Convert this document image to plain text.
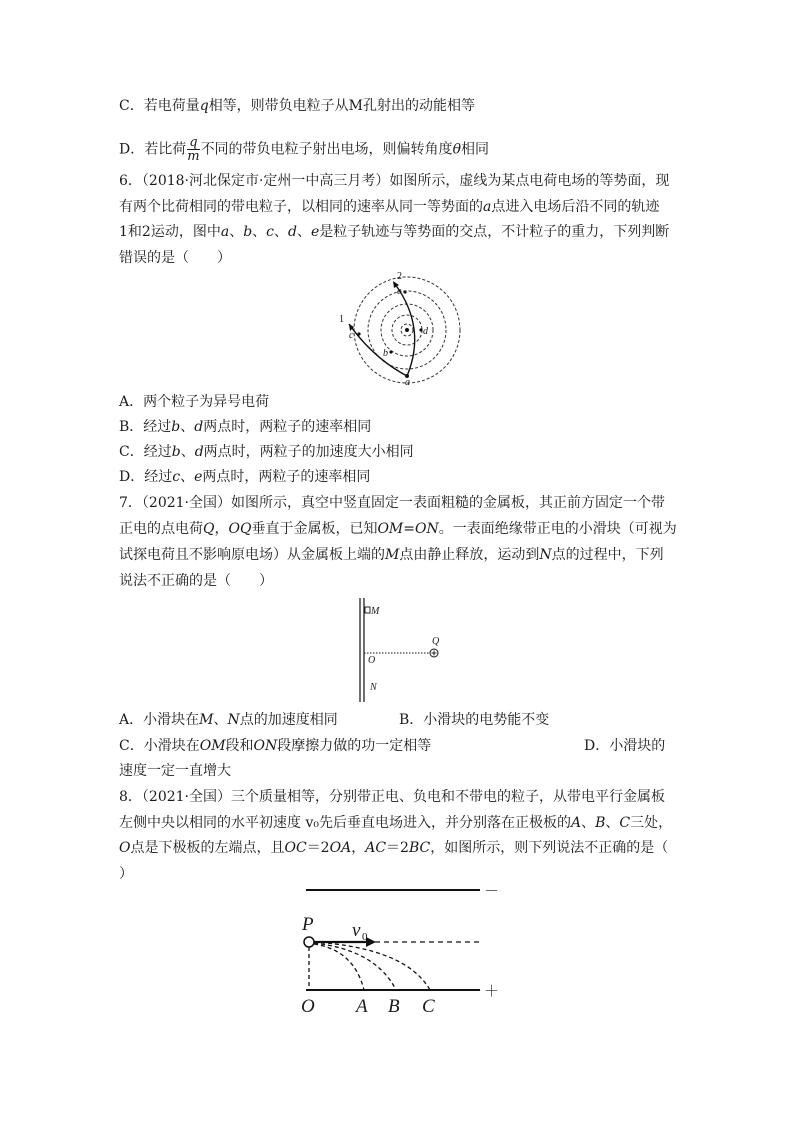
C．若电荷量q相等，则带负电粒子从M孔射出的动能相等
D．若比荷 $\frac{q}{m}$ 不同的带负电粒子射出电场，则偏转角度θ相同
6．（2018·河北保定市·定州一中高三月考）如图所示，虚线为某点电荷电场的等势面，现
有两个比荷相同的带电粒子，以相同的速率从同一等势面的a点进入电场后沿不同的轨迹
1和2运动，图中a、b、c、d、e是粒子轨迹与等势面的交点，不计粒子的重力，下列判断
错误的是（　　）
1
2
a
b
c	d
e
A．两个粒子为异号电荷
B．经过b、d两点时，两粒子的速率相同
C．经过b、d两点时，两粒子的加速度大小相同
D．经过c、e两点时，两粒子的速率相同
7．（2021·全国）如图所示，真空中竖直固定一表面粗糙的金属板，其正前方固定一个带
正电的点电荷Q，OQ垂直于金属板，已知OM=ON。一表面绝缘带正电的小滑块（可视为
试探电荷且不影响原电场）从金属板上端的M点由静止释放，运动到N点的过程中，下列
说法不正确的是（　　）
M
O
N
Q
A．小滑块在M、N点的加速度相同	B．小滑块的电势能不变
C．小滑块在OM段和ON段摩擦力做的功一定相等	D．小滑块的
速度一定一直增大
8．（2021·全国）三个质量相等，分别带正电、负电和不带电的粒子，从带电平行金属板
左侧中央以相同的水平初速度 v₀先后垂直电场进入，并分别落在正极板的A、B、C三处，
O点是下极板的左端点，且OC＝2OA，AC＝2BC，如图所示，则下列说法不正确的是（
）
－
＋
P v 0
O A B C
